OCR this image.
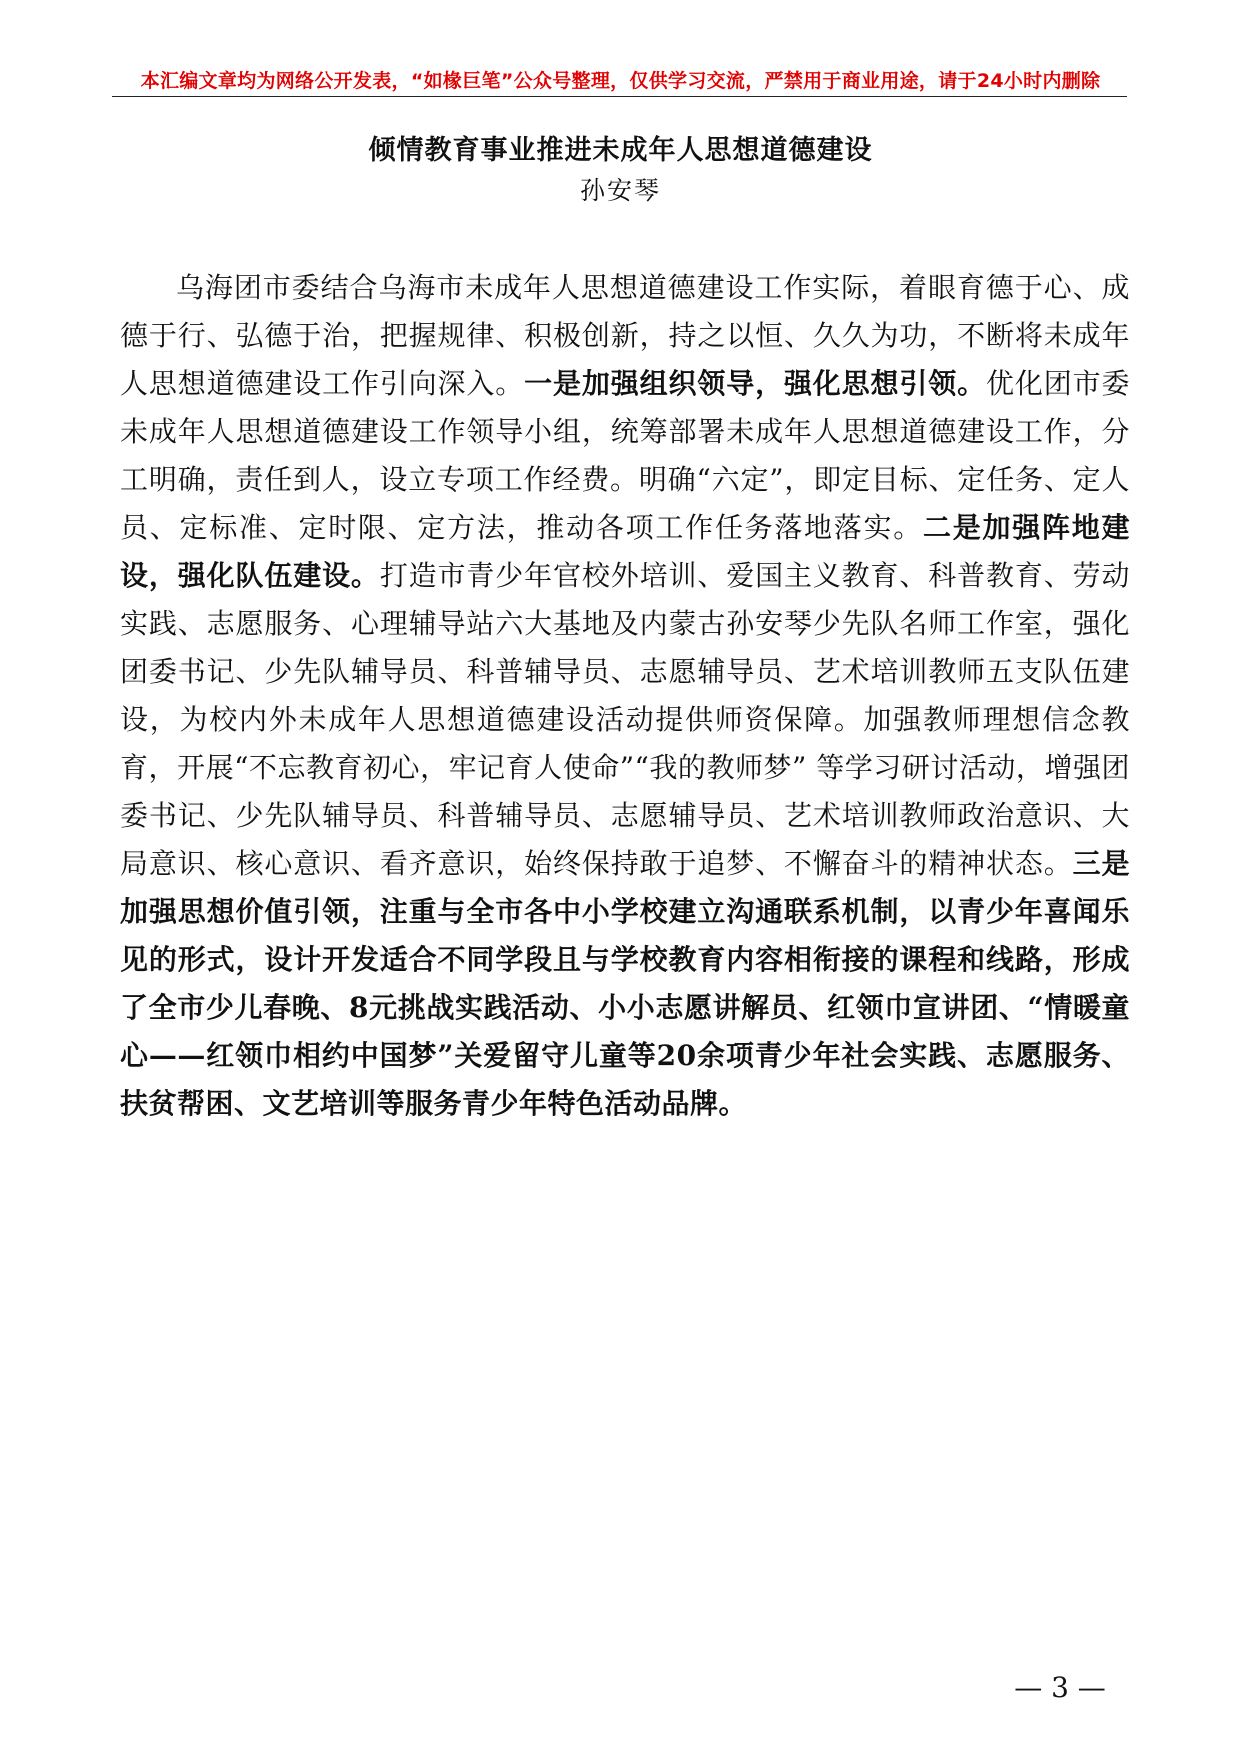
本汇编文章均为网络公开发表，“如椽巨笔”公众号整理，仅供学习交流，严禁用于商业用途，请于24小时内删除
倾情教育事业推进未成年人思想道德建设
孙安琴
乌海团市委结合乌海市未成年人思想道德建设工作实际，着眼育德于心、成德于行、弘德于治，把握规律、积极创新，持之以恒、久久为功，不断将未成年人思想道德建设工作引向深入。一是加强组织领导，强化思想引领。优化团市委未成年人思想道德建设工作领导小组，统筹部署未成年人思想道德建设工作，分工明确，责任到人，设立专项工作经费。明确“六定”，即定目标、定任务、定人员、定标准、定时限、定方法，推动各项工作任务落地落实。二是加强阵地建设，强化队伍建设。打造市青少年官校外培训、爱国主义教育、科普教育、劳动实践、志愿服务、心理辅导站六大基地及内蒙古孙安琴少先队名师工作室，强化团委书记、少先队辅导员、科普辅导员、志愿辅导员、艺术培训教师五支队伍建设，为校内外未成年人思想道德建设活动提供师资保障。加强教师理想信念教育，开展“不忘教育初心，牢记育人使命”“我的教师梦” 等学习研讨活动，增强团委书记、少先队辅导员、科普辅导员、志愿辅导员、艺术培训教师政治意识、大局意识、核心意识、看齐意识，始终保持敢于追梦、不懈奋斗的精神状态。三是加强思想价值引领，注重与全市各中小学校建立沟通联系机制，以青少年喜闻乐见的形式，设计开发适合不同学段且与学校教育内容相衔接的课程和线路，形成了全市少儿春晚、8元挑战实践活动、小小志愿讲解员、红领巾宣讲团、“情暖童心——红领巾相约中国梦”关爱留守儿童等20余项青少年社会实践、志愿服务、扶贫帮困、文艺培训等服务青少年特色活动品牌。
— 3 —
